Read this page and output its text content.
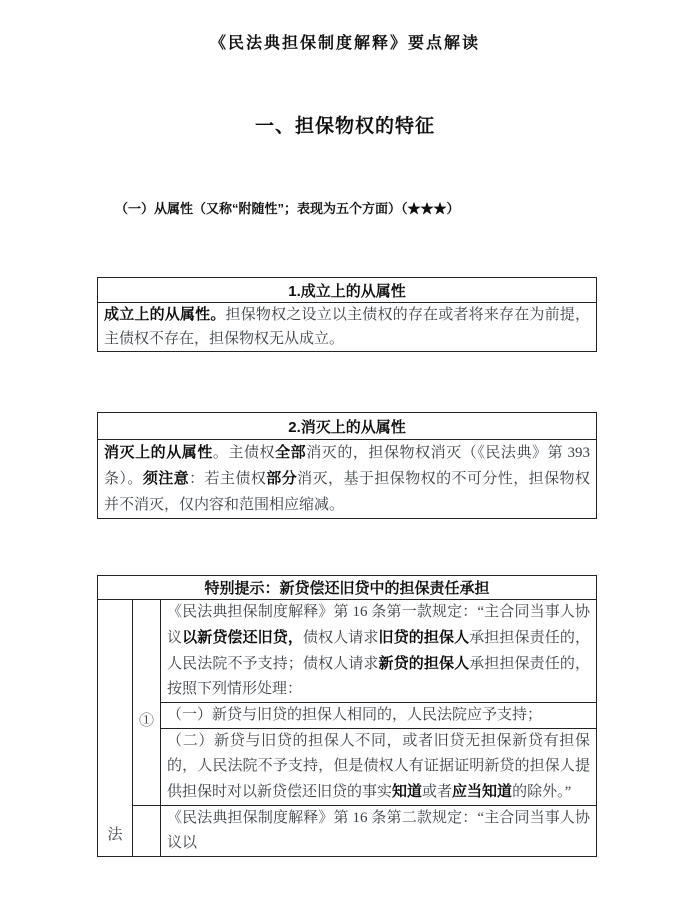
《民法典担保制度解释》要点解读
一、担保物权的特征
（一）从属性（又称“附随性”；表现为五个方面）（★★★）
1.成立上的从属性
成立上的从属性。担保物权之设立以主债权的存在或者将来存在为前提，主债权不存在，担保物权无从成立。
2.消灭上的从属性
消灭上的从属性。主债权全部消灭的，担保物权消灭（《民法典》第 393 条）。须注意：若主债权部分消灭，基于担保物权的不可分性，担保物权并不消灭，仅内容和范围相应缩减。
特别提示：新贷偿还旧贷中的担保责任承担		
法	①	《民法典担保制度解释》第 16 条第一款规定：“主合同当事人协议以新贷偿还旧贷，债权人请求旧贷的担保人承担担保责任的，人民法院不予支持；债权人请求新贷的担保人承担担保责任的，按照下列情形处理：
		（一）新贷与旧贷的担保人相同的，人民法院应予支持；
		（二）新贷与旧贷的担保人不同，或者旧贷无担保新贷有担保的，人民法院不予支持，但是债权人有证据证明新贷的担保人提供担保时对以新贷偿还旧贷的事实知道或者应当知道的除外。”
		《民法典担保制度解释》第 16 条第二款规定：“主合同当事人协议以
